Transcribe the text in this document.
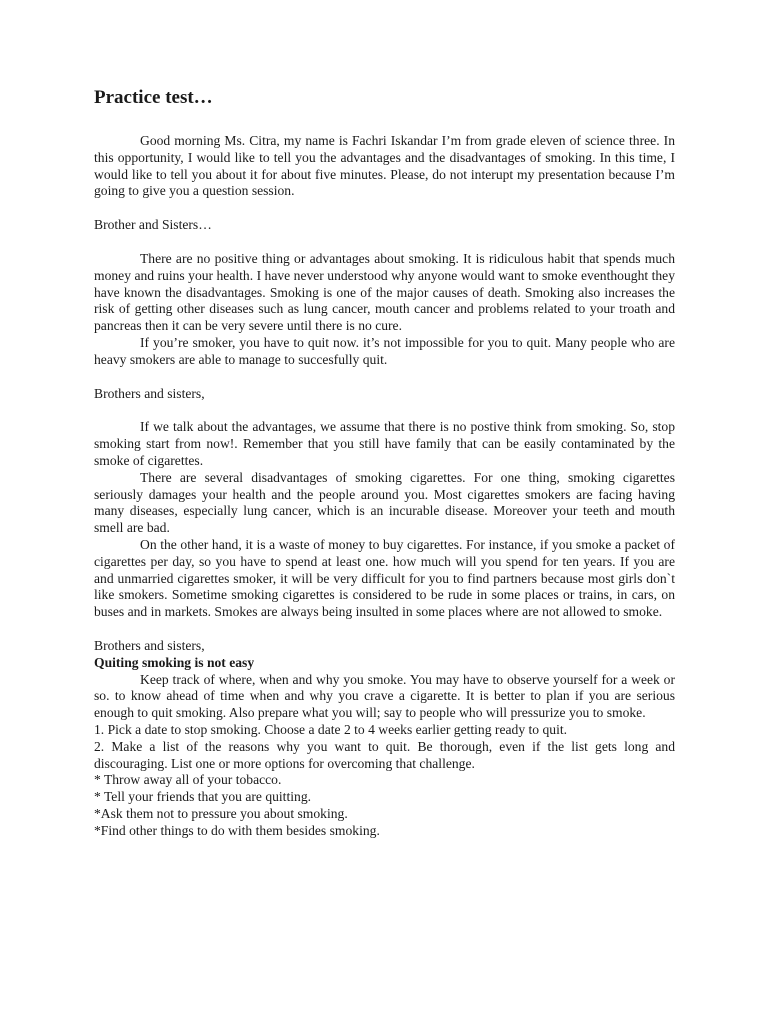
Practice test…

Good morning Ms. Citra, my name is Fachri Iskandar I’m from grade eleven of science three. In this opportunity, I would like to tell you the advantages and the disadvantages of smoking. In this time, I would like to tell you about it for about five minutes. Please, do not interupt my presentation because I’m going to give you a question session.

Brother and Sisters…

There are no positive thing or advantages about smoking. It is ridiculous habit that spends much money and ruins your health. I have never understood why anyone would want to smoke eventhought they have known the disadvantages. Smoking is one of the major causes of death. Smoking also increases the risk of getting other diseases such as lung cancer, mouth cancer and problems related to your troath and pancreas then it can be very severe until there is no cure.

If you’re smoker, you have to quit now. it’s not impossible for you to quit. Many people who are heavy smokers are able to manage to succesfully quit.

Brothers and sisters,

If we talk about the advantages, we assume that there is no postive think from smoking. So, stop smoking start from now!. Remember that you still have family that can be easily contaminated by the smoke of cigarettes.

There are several disadvantages of smoking cigarettes. For one thing, smoking cigarettes seriously damages your health and the people around you. Most cigarettes smokers are facing having many diseases, especially lung cancer, which is an incurable disease. Moreover your teeth and mouth smell are bad.

On the other hand, it is a waste of money to buy cigarettes. For instance, if you smoke a packet of cigarettes per day, so you have to spend at least one. how much will you spend for ten years. If you are and unmarried cigarettes smoker, it will be very difficult for you to find partners because most girls don`t like smokers. Sometime smoking cigarettes is considered to be rude in some places or trains, in cars, on buses and in markets. Smokes are always being insulted in some places where are not allowed to smoke.

Brothers and sisters,

Quiting smoking is not easy

Keep track of where, when and why you smoke. You may have to observe yourself for a week or so. to know ahead of time when and why you crave a cigarette. It is better to plan if you are serious enough to quit smoking. Also prepare what you will; say to people who will pressurize you to smoke.

1. Pick a date to stop smoking. Choose a date 2 to 4 weeks earlier getting ready to quit.

2. Make a list of the reasons why you want to quit. Be thorough, even if the list gets long and discouraging. List one or more options for overcoming that challenge.

* Throw away all of your tobacco.

* Tell your friends that you are quitting.

*Ask them not to pressure you about smoking.

*Find other things to do with them besides smoking.
